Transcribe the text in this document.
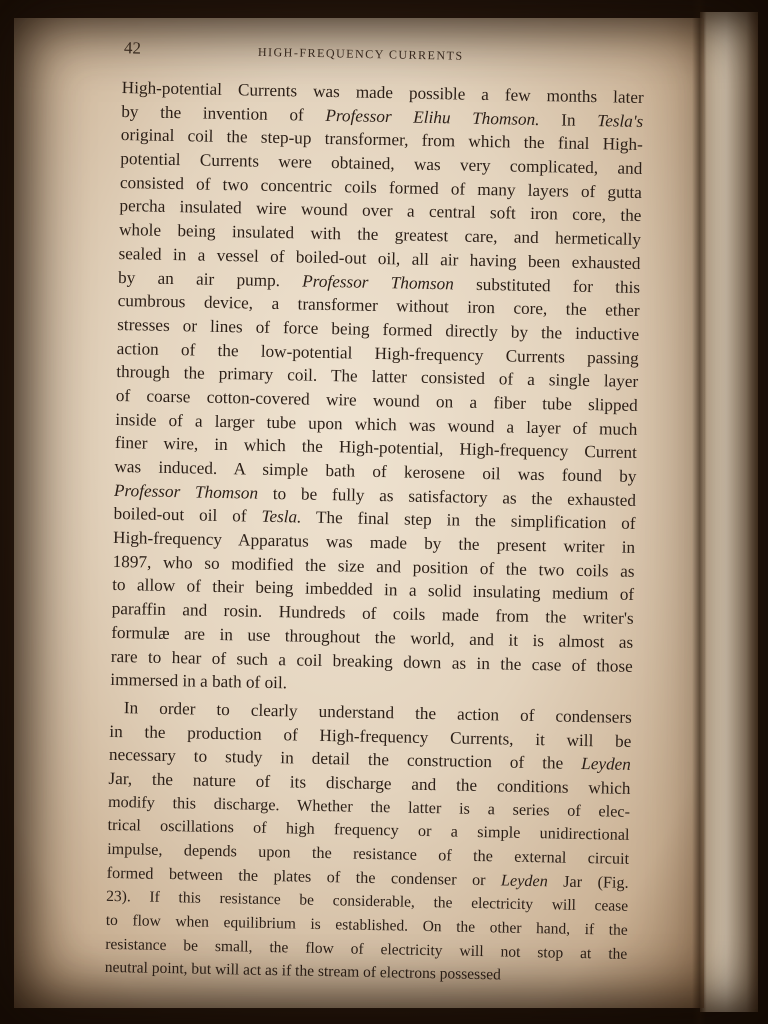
42	HIGH-FREQUENCY CURRENTS
High-potential Currents was made possible a few months later
by the invention of Professor Elihu Thomson. In Tesla's
original coil the step-up transformer, from which the final High-
potential Currents were obtained, was very complicated, and
consisted of two concentric coils formed of many layers of gutta
percha insulated wire wound over a central soft iron core, the
whole being insulated with the greatest care, and hermetically
sealed in a vessel of boiled-out oil, all air having been exhausted
by an air pump. Professor Thomson substituted for this
cumbrous device, a transformer without iron core, the ether
stresses or lines of force being formed directly by the inductive
action of the low-potential High-frequency Currents passing
through the primary coil. The latter consisted of a single layer
of coarse cotton-covered wire wound on a fiber tube slipped
inside of a larger tube upon which was wound a layer of much
finer wire, in which the High-potential, High-frequency Current
was induced. A simple bath of kerosene oil was found by
Professor Thomson to be fully as satisfactory as the exhausted
boiled-out oil of Tesla. The final step in the simplification of
High-frequency Apparatus was made by the present writer in
1897, who so modified the size and position of the two coils as
to allow of their being imbedded in a solid insulating medium of
paraffin and rosin. Hundreds of coils made from the writer's
formulæ are in use throughout the world, and it is almost as
rare to hear of such a coil breaking down as in the case of those
immersed in a bath of oil.
In order to clearly understand the action of condensers
in the production of High-frequency Currents, it will be
necessary to study in detail the construction of the Leyden
Jar, the nature of its discharge and the conditions which
modify this discharge. Whether the latter is a series of elec-
trical oscillations of high frequency or a simple unidirectional
impulse, depends upon the resistance of the external circuit
formed between the plates of the condenser or Leyden Jar (Fig.
23). If this resistance be considerable, the electricity will cease
to flow when equilibrium is established. On the other hand, if the
resistance be small, the flow of electricity will not stop at the
neutral point, but will act as if the stream of electrons possessed
